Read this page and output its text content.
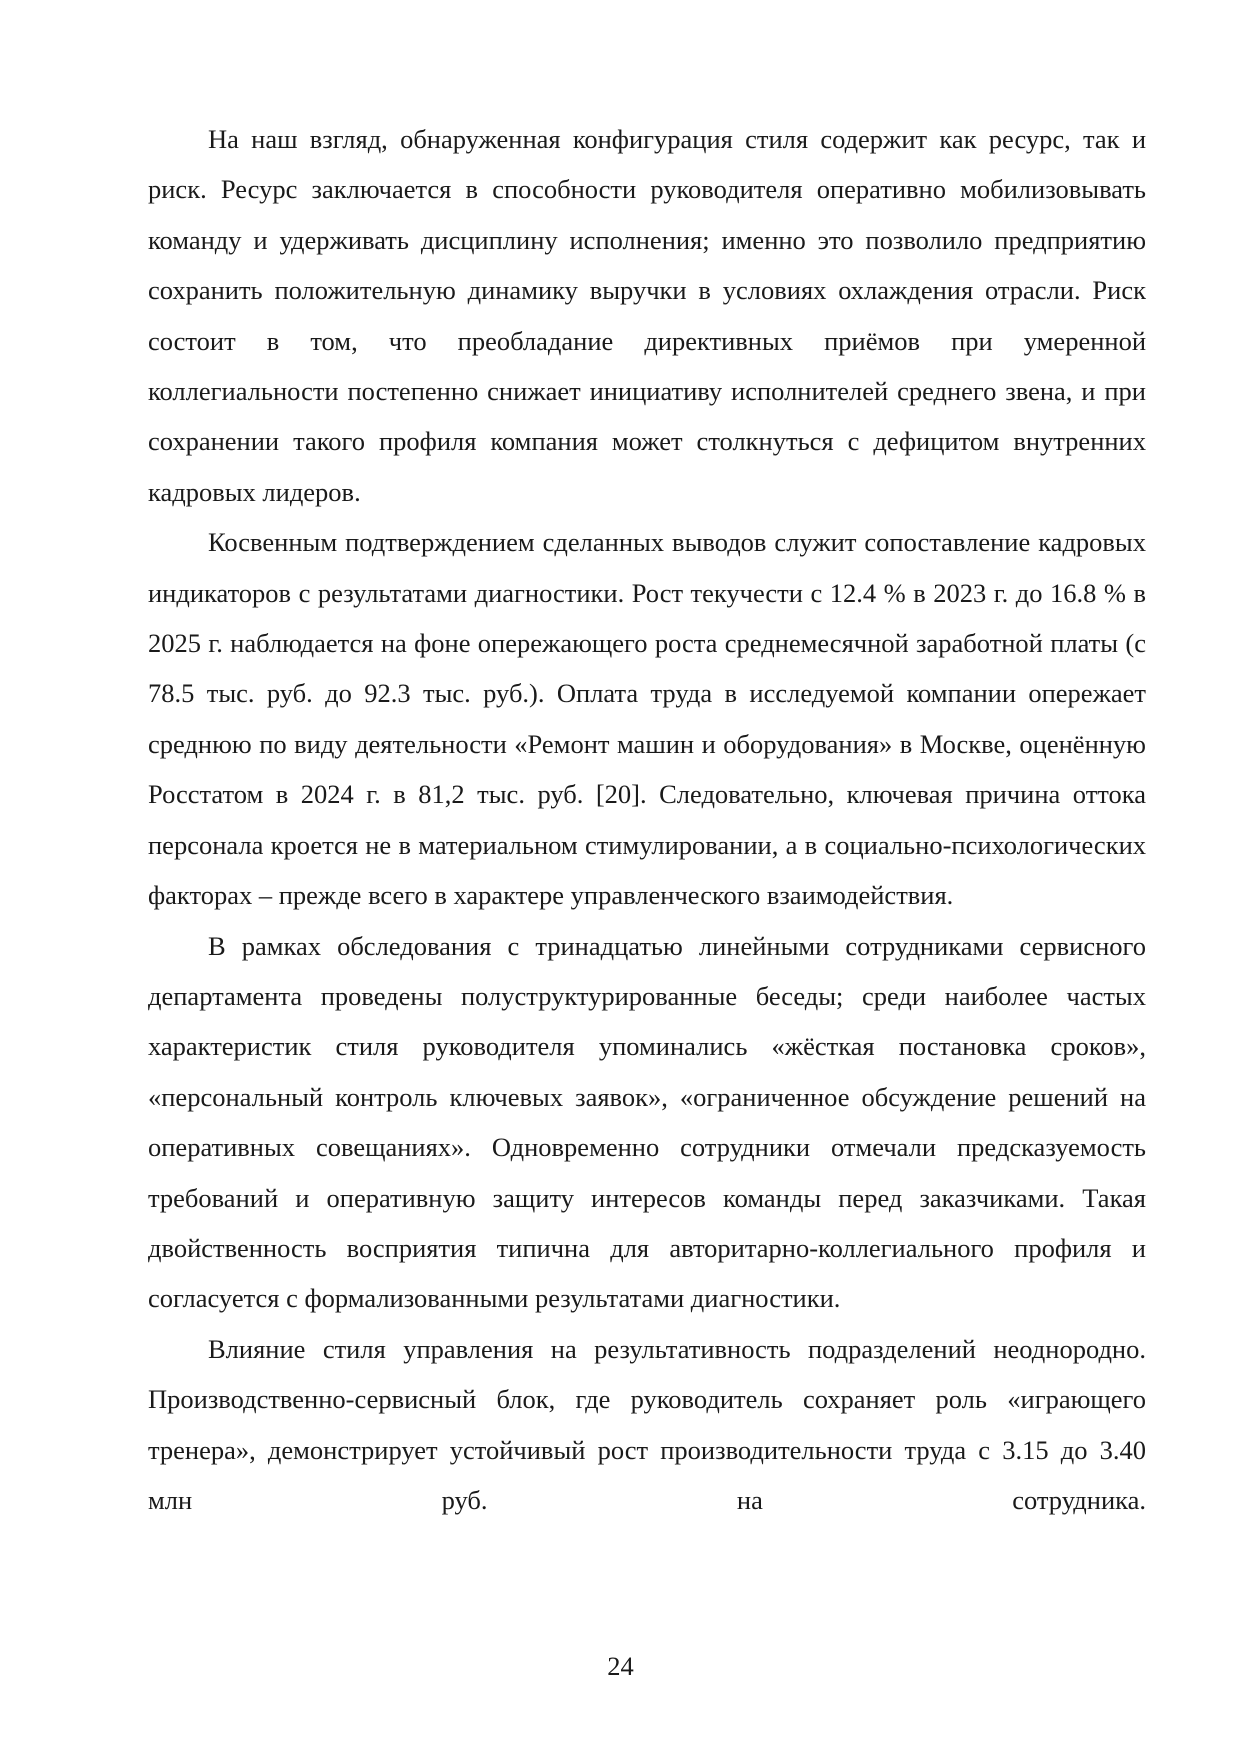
На наш взгляд, обнаруженная конфигурация стиля содержит как ресурс, так и риск. Ресурс заключается в способности руководителя оперативно мобилизовывать команду и удерживать дисциплину исполнения; именно это позволило предприятию сохранить положительную динамику выручки в условиях охлаждения отрасли. Риск состоит в том, что преобладание директивных приёмов при умеренной коллегиальности постепенно снижает инициативу исполнителей среднего звена, и при сохранении такого профиля компания может столкнуться с дефицитом внутренних кадровых лидеров.

Косвенным подтверждением сделанных выводов служит сопоставление кадровых индикаторов с результатами диагностики. Рост текучести с 12.4 % в 2023 г. до 16.8 % в 2025 г. наблюдается на фоне опережающего роста среднемесячной заработной платы (с 78.5 тыс. руб. до 92.3 тыс. руб.). Оплата труда в исследуемой компании опережает среднюю по виду деятельности «Ремонт машин и оборудования» в Москве, оценённую Росстатом в 2024 г. в 81,2 тыс. руб. [20]. Следовательно, ключевая причина оттока персонала кроется не в материальном стимулировании, а в социально-психологических факторах – прежде всего в характере управленческого взаимодействия.

В рамках обследования с тринадцатью линейными сотрудниками сервисного департамента проведены полуструктурированные беседы; среди наиболее частых характеристик стиля руководителя упоминались «жёсткая постановка сроков», «персональный контроль ключевых заявок», «ограниченное обсуждение решений на оперативных совещаниях». Одновременно сотрудники отмечали предсказуемость требований и оперативную защиту интересов команды перед заказчиками. Такая двойственность восприятия типична для авторитарно-коллегиального профиля и согласуется с формализованными результатами диагностики.

Влияние стиля управления на результативность подразделений неоднородно. Производственно-сервисный блок, где руководитель сохраняет роль «играющего тренера», демонстрирует устойчивый рост производительности труда с 3.15 до 3.40 млн руб. на сотрудника.

24
